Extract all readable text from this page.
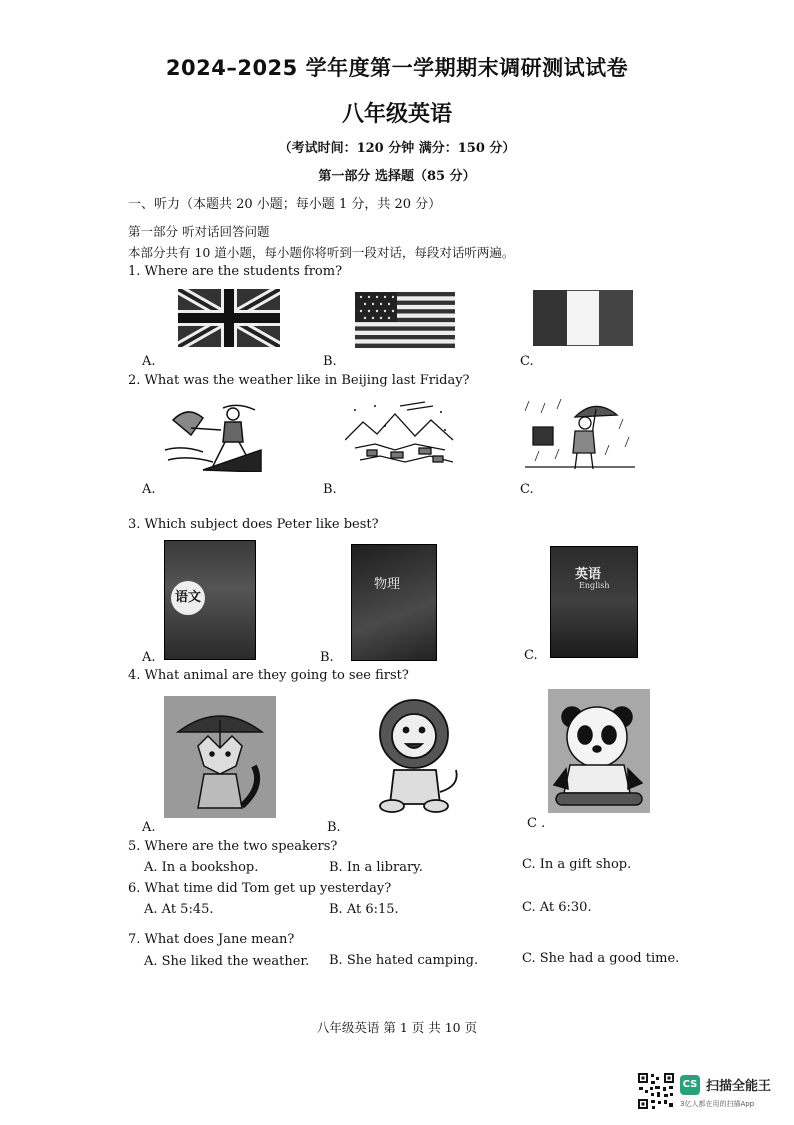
2024–2025 学年度第一学期期末调研测试试卷
八年级英语
（考试时间：120 分钟 满分：150 分）
第一部分 选择题（85 分）
一、听力（本题共 20 小题；每小题 1 分，共 20 分）
第一部分 听对话回答问题
本部分共有 10 道小题，每小题你将听到一段对话，每段对话听两遍。
1. Where are the students from?
A.	B.	C.
2. What was the weather like in Beijing last Friday?
A.	B.	C.
3. Which subject does Peter like best?
语文
物理
英语
English
A.	B.	C.
4. What animal are they going to see first?
A.	B.	C .
5. Where are the two speakers?
A. In a bookshop.	B. In a library.	C. In a gift shop.
6. What time did Tom get up yesterday?
A. At 5:45.	B. At 6:15.	C. At 6:30.
7. What does Jane mean?
A. She liked the weather. B. She hated camping.	C. She had a good time.
八年级英语 第 1 页 共 10 页
CS 扫描全能王
3亿人都在用的扫描App
